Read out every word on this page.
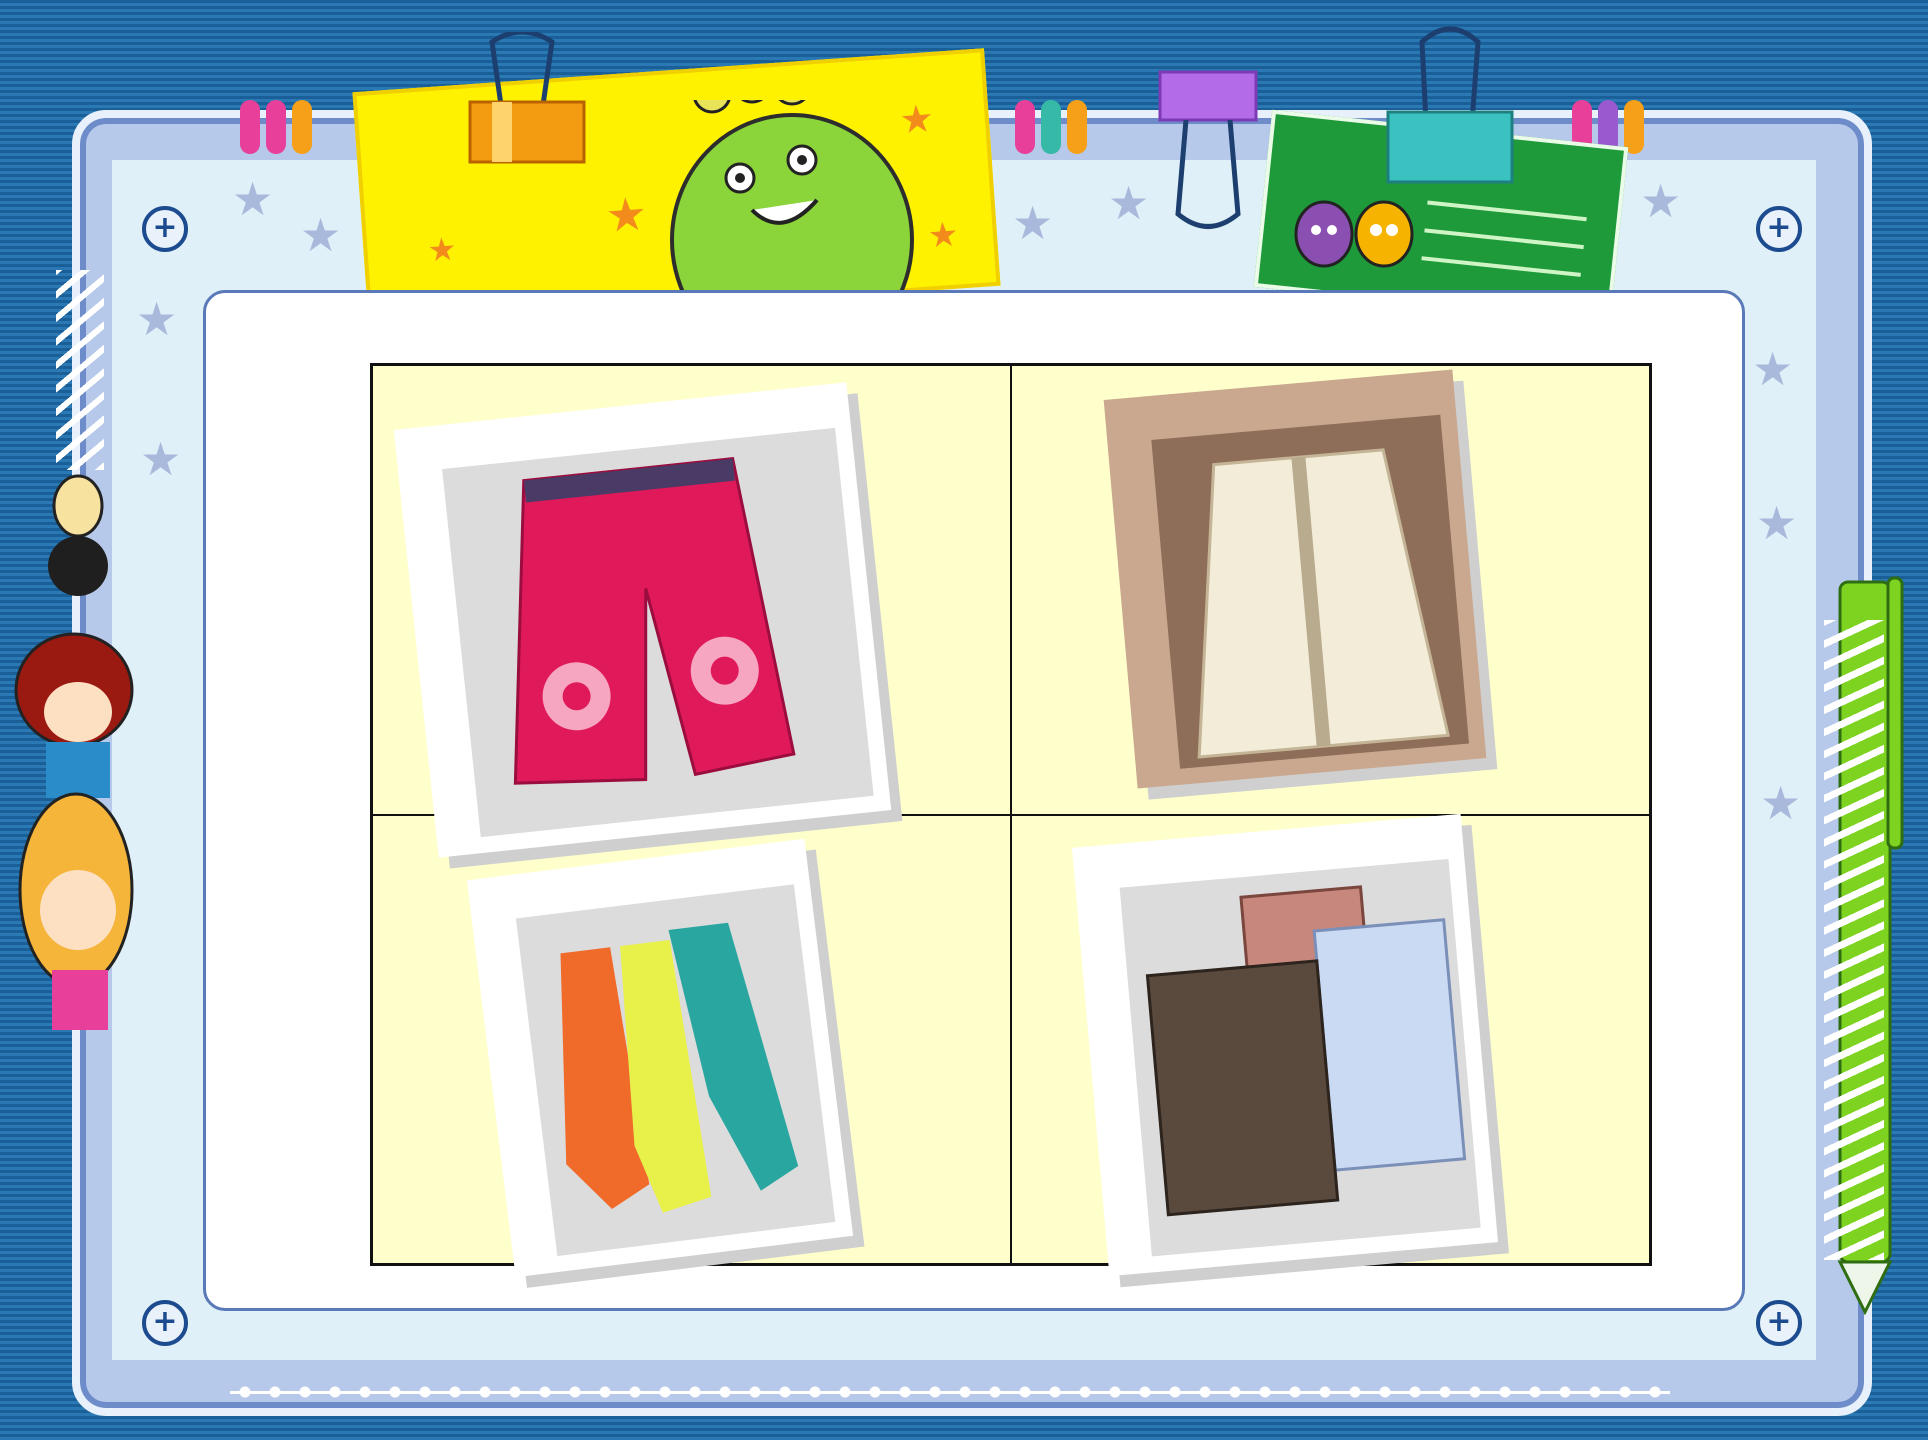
+	+
+	+
★
★
★
★
★ ★	★
★
★
★
★
★
★
★
